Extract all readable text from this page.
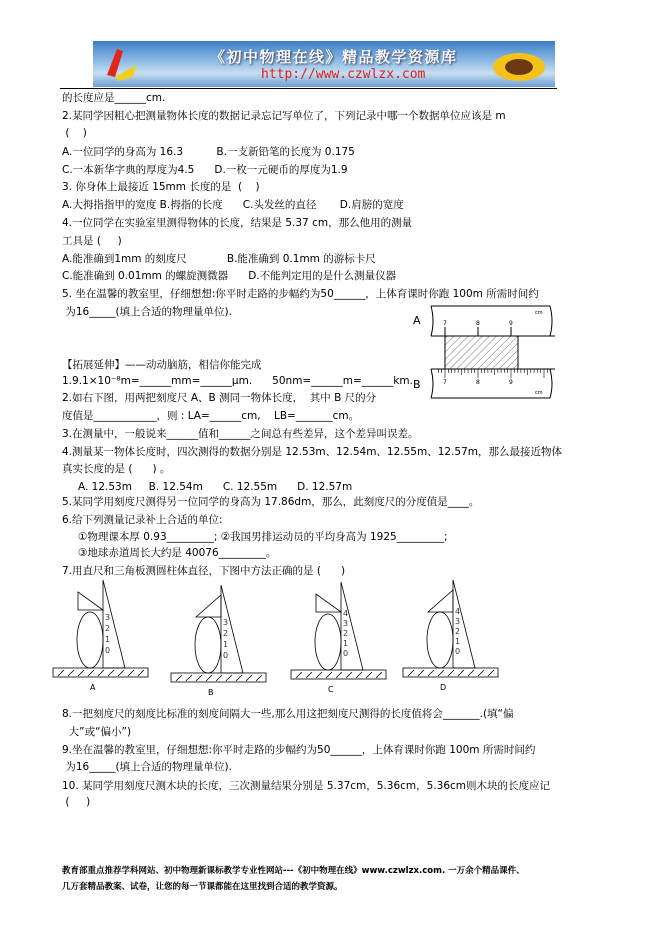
《初中物理在线》精品教学资源库
http://www.czwlzx.com
的长度应是______cm.
2.某同学因粗心把测量物体长度的数据记录忘记写单位了，下列记录中哪一个数据单位应该是 m
(    )
A.一位同学的身高为 16.3          B.一支新铅笔的长度为 0.175
C.一本新华字典的厚度为4.5      D.一枚一元硬币的厚度为1.9
3. 你身体上最接近 15mm 长度的是  (    )
A.大拇指指甲的宽度 B.拇指的长度      C.头发丝的直径       D.肩膀的宽度
4.一位同学在实验室里测得物体的长度，结果是 5.37 cm，那么他用的测量
工具是 (     )
A.能准确到1mm 的刻度尺            B.能准确到 0.1mm 的游标卡尺
C.能准确到 0.01mm 的螺旋测微器      D.不能判定用的是什么测量仪器
5. 坐在温馨的教室里，仔细想想:你平时走路的步幅约为50______，上体育课时你跑 100m 所需时间约
为16_____(填上合适的物理量单位).
【拓展延伸】——动动脑筋，相信你能完成
1.9.1×10⁻⁸m=______mm=______μm.      50nm=______m=______km.
2.如右下图，用两把刻度尺 A、B 测同一物体长度，  其中 B 尺的分
度值是____________，则 : LA=______cm,    LB=_______cm。
3.在测量中，一般说来______值和______之间总有些差异，这个差异叫误差。
4.测量某一物体长度时，四次测得的数据分别是 12.53m、12.54m、12.55m、12.57m，那么最接近物体
真实长度的是 (      ) 。
A. 12.53m     B. 12.54m      C. 12.55m      D. 12.57m
5.某同学用刻度尺测得另一位同学的身高为 17.86dm，那么，此刻度尺的分度值是____。
6.给下列测量记录补上合适的单位:
①物理课本厚 0.93_________; ②我国男排运动员的平均身高为 1925_________;
③地球赤道周长大约是 40076_________。
7.用直尺和三角板测圆柱体直径，下图中方法正确的是 (      )
8.一把刻度尺的刻度比标准的刻度间隔大一些,那么用这把刻度尺测得的长度值将会_______.(填“偏
大”或“偏小”)
9.坐在温馨的教室里，仔细想想:你平时走路的步幅约为50______，上体育课时你跑 100m 所需时间约
为16_____(填上合适的物理量单位).
10. 某同学用刻度尺测木块的长度，三次测量结果分别是 5.37cm，5.36cm，5.36cm则木块的长度应记
(     )
A
cm
7	8	9
B	7	8	9
cm
3
2
1
0
A
3
2
1
0
B
4
3
2
1
0
C
4
3
2
1
0
D
教育部重点推荐学科网站、初中物理新课标教学专业性网站---《初中物理在线》www.czwlzx.com. 一万余个精品课件、
几万套精品教案、试卷，让您的每一节课都能在这里找到合适的教学资源。
